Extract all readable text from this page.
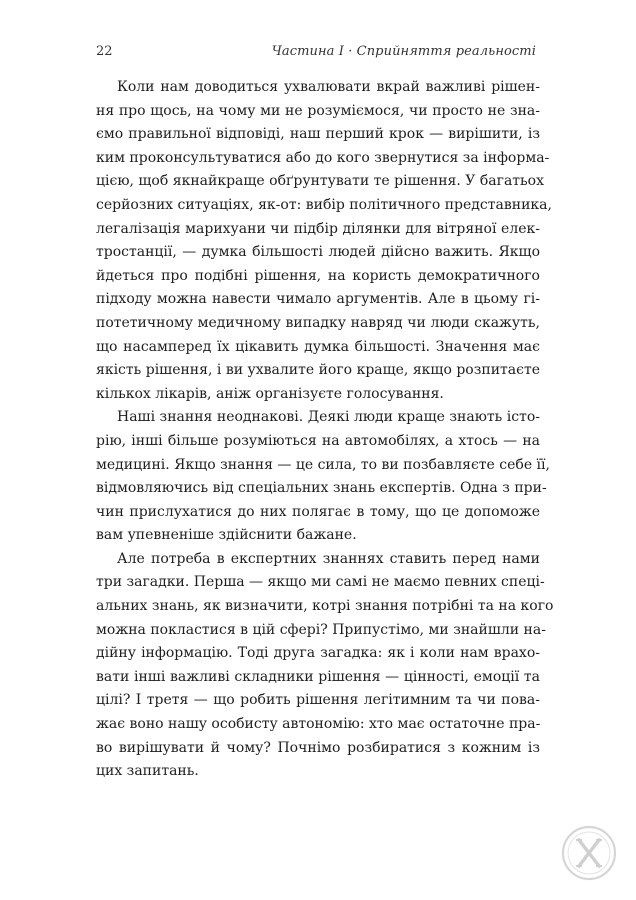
22	Частина I · Сприйняття реальності

Коли нам доводиться ухвалювати вкрай важливі рішен-
ня про щось, на чому ми не розуміємося, чи просто не зна-
ємо правильної відповіді, наш перший крок — вирішити, із
ким проконсультуватися або до кого звернутися за інформа-
цією, щоб якнайкраще обґрунтувати те рішення. У багатьох
серйозних ситуаціях, як-от: вибір політичного представника,
легалізація марихуани чи підбір ділянки для вітряної елек-
тростанції, — думка більшості людей дійсно важить. Якщо
йдеться про подібні рішення, на користь демократичного
підходу можна навести чимало аргументів. Але в цьому гі-
потетичному медичному випадку навряд чи люди скажуть,
що насамперед їх цікавить думка більшості. Значення має
якість рішення, і ви ухвалите його краще, якщо розпитаєте
кількох лікарів, аніж організуєте голосування.

Наші знання неоднакові. Деякі люди краще знають істо-
рію, інші більше розуміються на автомобілях, а хтось — на
медицині. Якщо знання — це сила, то ви позбавляєте себе її,
відмовляючись від спеціальних знань експертів. Одна з при-
чин прислухатися до них полягає в тому, що це допоможе
вам упевненіше здійснити бажане.

Але потреба в експертних знаннях ставить перед нами
три загадки. Перша — якщо ми самі не маємо певних спеці-
альних знань, як визначити, котрі знання потрібні та на кого
можна покластися в цій сфері? Припустімо, ми знайшли на-
дійну інформацію. Тоді друга загадка: як і коли нам врахо-
вати інші важливі складники рішення — цінності, емоції та
цілі? І третя — що робить рішення легітимним та чи пова-
жає воно нашу особисту автономію: хто має остаточне пра-
во вирішувати й чому? Почнімо розбиратися з кожним із
цих запитань.
